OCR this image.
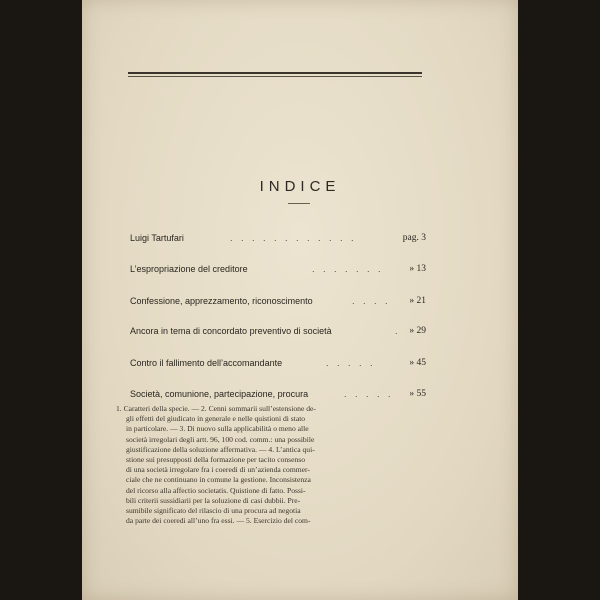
INDICE
Luigi Tartufari	. . . . . . . . . . . .	pag. 3
L’espropriazione del creditore	. . . . . . .	» 13
Confessione, apprezzamento, riconoscimento	. . . . » 21
Ancora in tema di concordato preventivo di società	. » 29
Contro il fallimento dell’accomandante	. . . . .	» 45
Società, comunione, partecipazione, procura	. . . . . » 55
1. Caratteri della specie. — 2. Cenni sommarii sull’estensione de-
gli effetti del giudicato in generale e nelle quistioni di stato
in particolare. — 3. Di nuovo sulla applicabilità o meno alle
società irregolari degli artt. 96, 100 cod. comm.: una possibile
giustificazione della soluzione affermativa. — 4. L’antica qui-
stione sui presupposti della formazione per tacito consenso
di una società irregolare fra i coeredi di un’azienda commer-
ciale che ne continuano in comune la gestione. Inconsistenza
del ricorso alla affectio societatis. Quistione di fatto. Possi-
bili criterii sussidiarii per la soluzione di casi dubbii. Pre-
sumibile significato del rilascio di una procura ad negotia
da parte dei coeredi all’uno fra essi. — 5. Esercizio del com-
